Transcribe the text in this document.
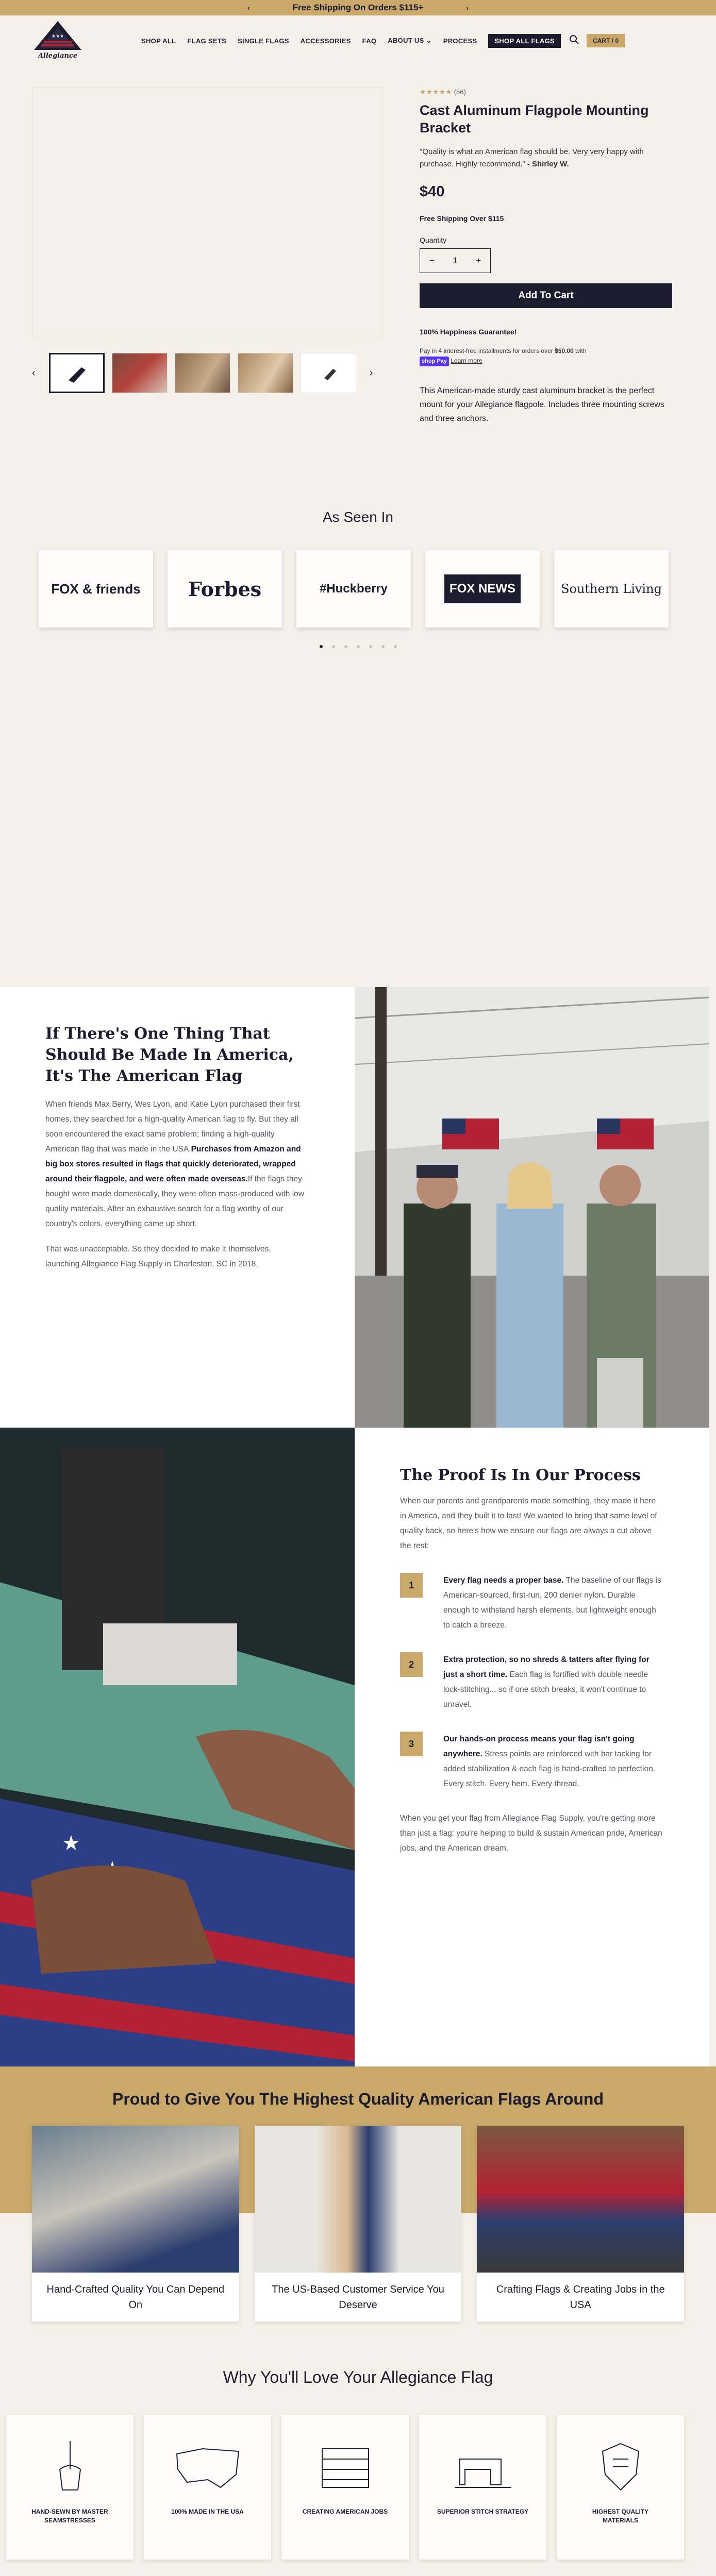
‹	Free Shipping On Orders $115+	›
★★★
Allegiance
SHOP ALL FLAG SETS SINGLE FLAGS ACCESSORIES FAQ ABOUT US ⌄ PROCESS	SHOP ALL FLAGS	CART / 0
‹	›
★★★★★ (56)
Cast Aluminum Flagpole Mounting Bracket
"Quality is what an American flag should be. Very very happy with purchase. Highly recommend." - Shirley W.
$40
Free Shipping Over $115
Quantity
− 1 +
Add To Cart
100% Happiness Guarantee!
Pay in 4 interest-free installments for orders over $50.00 with
shop Pay Learn more
This American-made sturdy cast aluminum bracket is the perfect mount for your Allegiance flagpole. Includes three mounting screws and three anchors.
As Seen In
FOX & friends Forbes	#Huckberry	FOX NEWS	Southern Living
If There's One Thing That Should Be Made In America, It's The American Flag

When friends Max Berry, Wes Lyon, and Katie Lyon purchased their first homes, they searched for a high-quality American flag to fly. But they all soon encountered the exact same problem; finding a high-quality American flag that was made in the USA.Purchases from Amazon and big box stores resulted in flags that quickly deteriorated, wrapped around their flagpole, and were often made overseas.If the flags they bought were made domestically, they were often mass-produced with low quality materials. After an exhaustive search for a flag worthy of our country's colors, everything came up short.

That was unacceptable. So they decided to make it themselves, launching Allegiance Flag Supply in Charleston, SC in 2018.

★
The Proof Is In Our Process

When our parents and grandparents made something, they made it here in America, and they built it to last! We wanted to bring that same level of quality back, so here's how we ensure our flags are always a cut above the rest:

1	Every flag needs a proper base. The baseline of our flags is American-sourced, first-run, 200 denier nylon. Durable enough to withstand harsh elements, but lightweight enough to catch a breeze.
2	Extra protection, so no shreds & tatters after flying for just a short time. Each flag is fortified with double needle lock-stitching... so if one stitch breaks, it won't continue to unravel.
3	Our hands-on process means your flag isn't going anywhere. Stress points are reinforced with bar tacking for added stabilization & each flag is hand-crafted to perfection. Every stitch. Every hem. Every thread.

When you get your flag from Allegiance Flag Supply, you're getting more than just a flag: you're helping to build & sustain American pride, American jobs, and the American dream.

Proud to Give You The Highest Quality American Flags Around
Hand-Crafted Quality You Can Depend On
The US-Based Customer Service You Deserve
Crafting Flags & Creating Jobs in the USA
Why You'll Love Your Allegiance Flag
HAND-SEWN BY MASTER SEAMSTRESSES
100% MADE IN THE USA	CREATING AMERICAN JOBS	SUPERIOR STITCH STRATEGY	HIGHEST QUALITY MATERIALS
